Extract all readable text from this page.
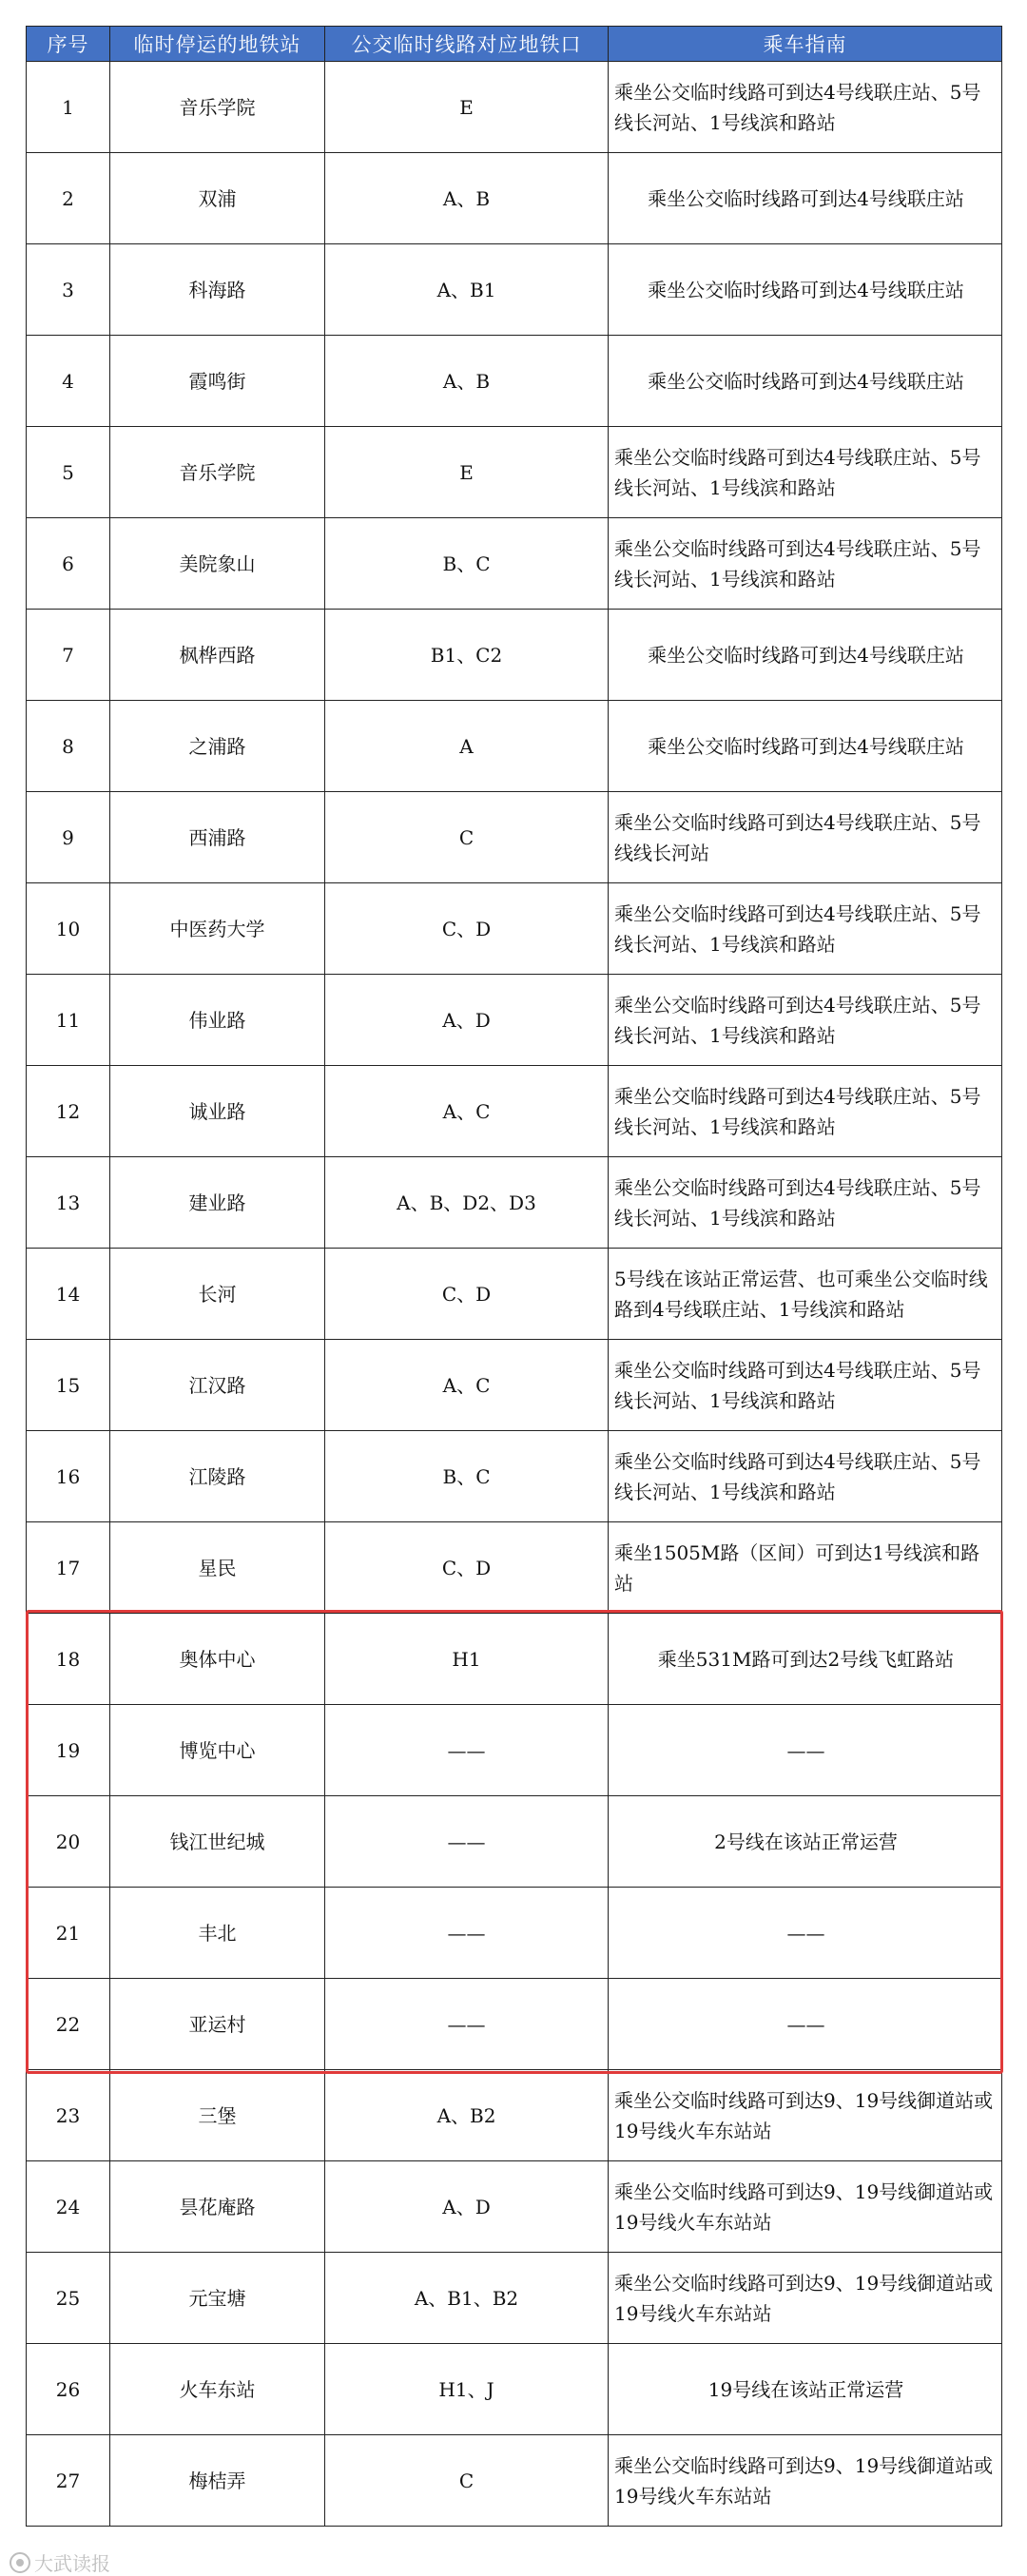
序号	临时停运的地铁站	公交临时线路对应地铁口	乘车指南
1	音乐学院	E	乘坐公交临时线路可到达4号线联庄站、5号线长河站、1号线滨和路站
2	双浦	A、B	乘坐公交临时线路可到达4号线联庄站
3	科海路	A、B1	乘坐公交临时线路可到达4号线联庄站
4	霞鸣街	A、B	乘坐公交临时线路可到达4号线联庄站
5	音乐学院	E	乘坐公交临时线路可到达4号线联庄站、5号线长河站、1号线滨和路站
6	美院象山	B、C	乘坐公交临时线路可到达4号线联庄站、5号线长河站、1号线滨和路站
7	枫桦西路	B1、C2	乘坐公交临时线路可到达4号线联庄站
8	之浦路	A	乘坐公交临时线路可到达4号线联庄站
9	西浦路	C	乘坐公交临时线路可到达4号线联庄站、5号线线长河站
10	中医药大学	C、D	乘坐公交临时线路可到达4号线联庄站、5号线长河站、1号线滨和路站
11	伟业路	A、D	乘坐公交临时线路可到达4号线联庄站、5号线长河站、1号线滨和路站
12	诚业路	A、C	乘坐公交临时线路可到达4号线联庄站、5号线长河站、1号线滨和路站
13	建业路	A、B、D2、D3	乘坐公交临时线路可到达4号线联庄站、5号线长河站、1号线滨和路站
14	长河	C、D	5号线在该站正常运营、也可乘坐公交临时线路到4号线联庄站、1号线滨和路站
15	江汉路	A、C	乘坐公交临时线路可到达4号线联庄站、5号线长河站、1号线滨和路站
16	江陵路	B、C	乘坐公交临时线路可到达4号线联庄站、5号线长河站、1号线滨和路站
17	星民	C、D	乘坐1505M路（区间）可到达1号线滨和路站
18	奥体中心	H1	乘坐531M路可到达2号线飞虹路站
19	博览中心	——	——
20	钱江世纪城	——	2号线在该站正常运营
21	丰北	——	——
22	亚运村	——	——
23	三堡	A、B2	乘坐公交临时线路可到达9、19号线御道站或19号线火车东站站
24	昙花庵路	A、D	乘坐公交临时线路可到达9、19号线御道站或19号线火车东站站
25	元宝塘	A、B1、B2	乘坐公交临时线路可到达9、19号线御道站或19号线火车东站站
26	火车东站	H1、J	19号线在该站正常运营
27	梅桔弄	C	乘坐公交临时线路可到达9、19号线御道站或19号线火车东站站
大武读报
